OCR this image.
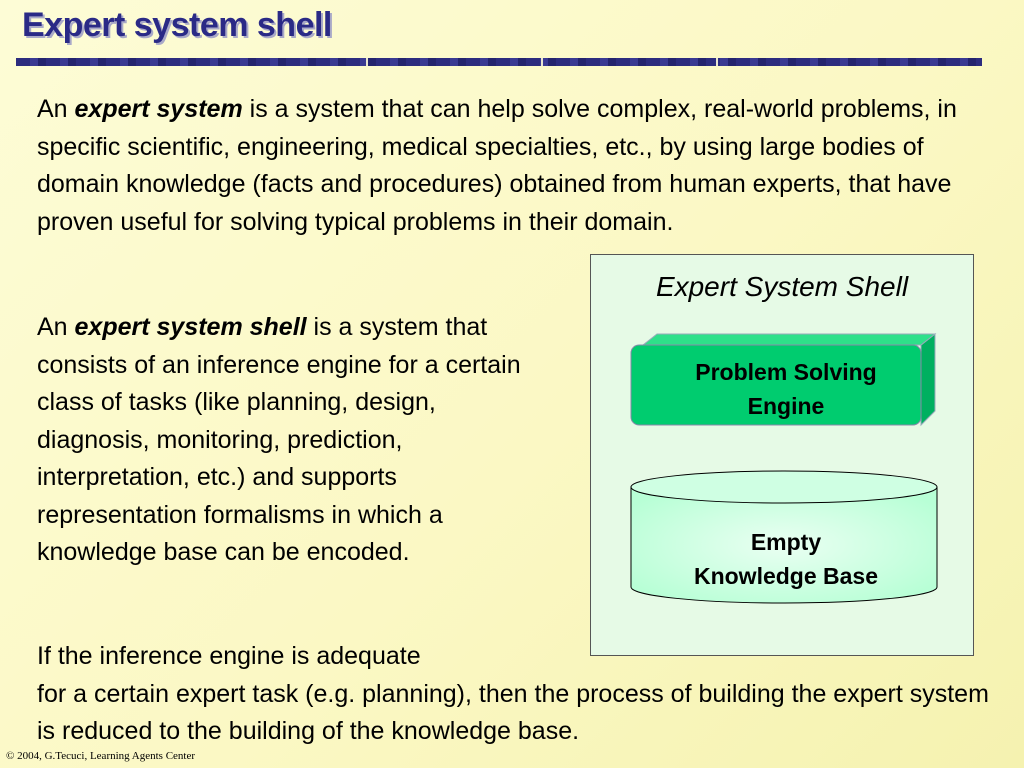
Expert system shell

An expert system is a system that can help solve complex, real-world problems, in specific scientific, engineering, medical specialties, etc., by using large bodies of domain knowledge (facts and procedures) obtained from human experts, that have proven useful for solving typical problems in their domain.

An expert system shell is a system that consists of an inference engine for a certain class of tasks (like planning, design, diagnosis, monitoring, prediction, interpretation, etc.) and supports representation formalisms in which a knowledge base can be encoded.

If the inference engine is adequate
for a certain expert task (e.g. planning), then the process of building the expert system is reduced to the building of the knowledge base.

Expert System Shell
Problem Solving
Engine
Empty
Knowledge Base
© 2004, G.Tecuci, Learning Agents Center
